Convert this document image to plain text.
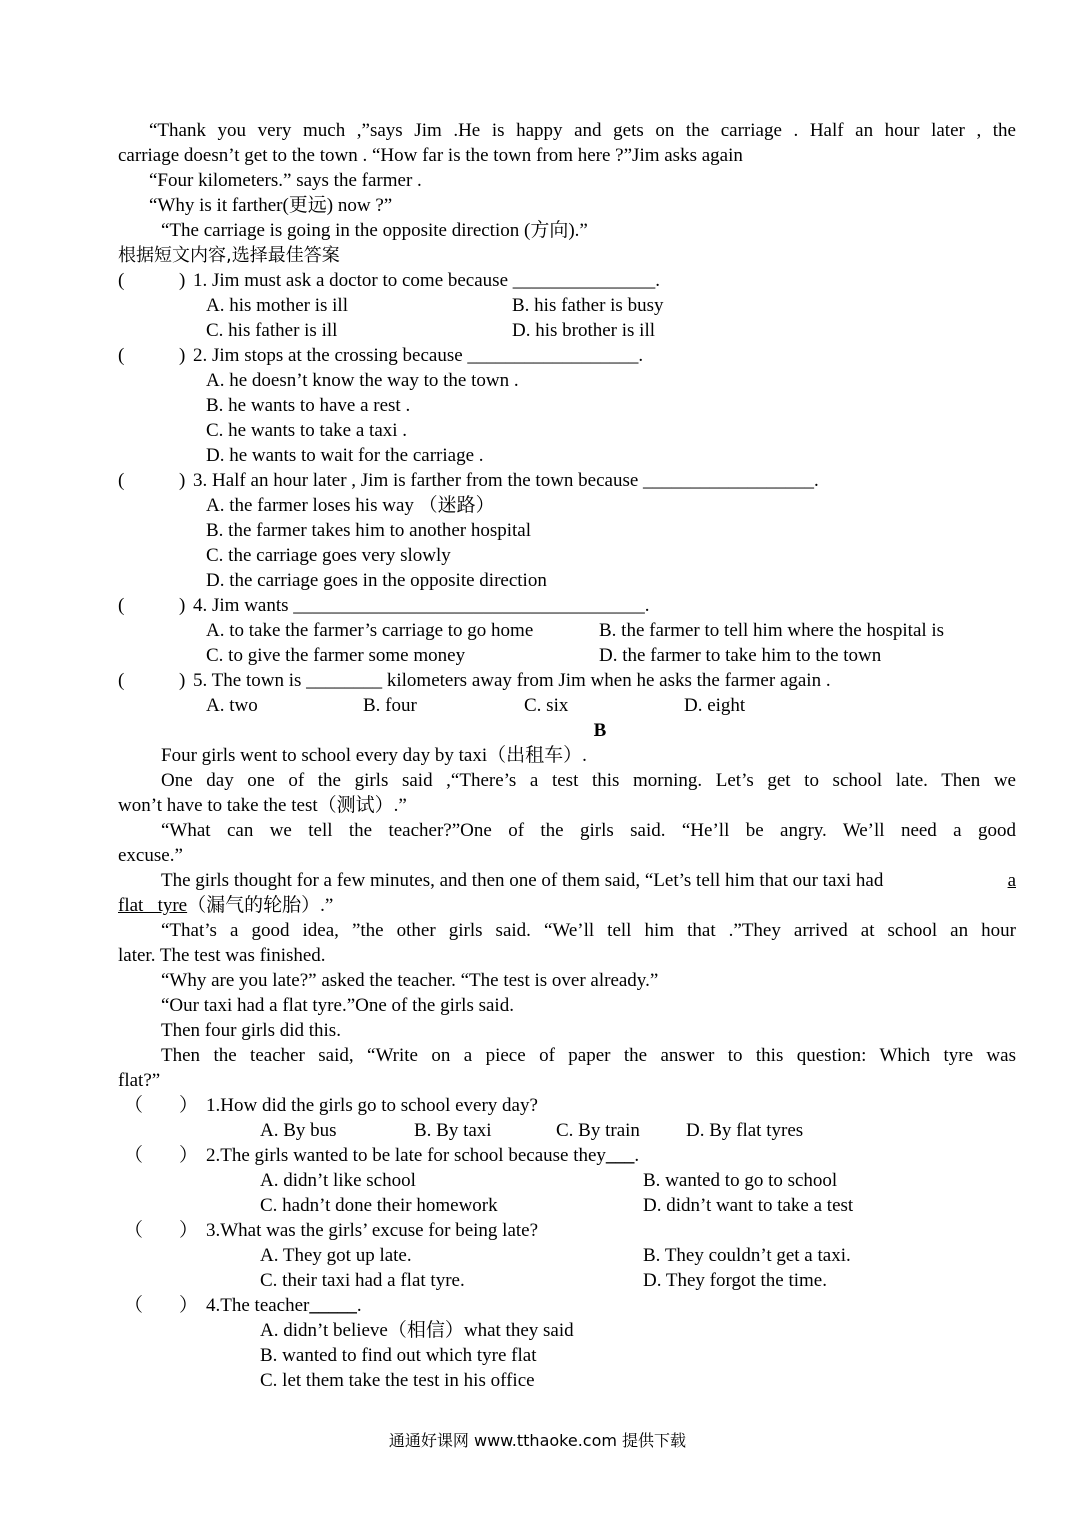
“Thank you very much ,”says Jim .He is happy and gets on the carriage . Half an hour later , the
carriage doesn’t get to the town . “How far is the town from here ?”Jim asks again
“Four kilometers.” says the farmer .
“Why is it farther(更远) now ?”
“The carriage is going in the opposite direction (方向).”
根据短文内容,选择最佳答案
(	) 1. Jim must ask a doctor to come because _______________.
A. his mother is ill	B. his father is busy
C. his father is ill	D. his brother is ill
(	) 2. Jim stops at the crossing because __________________.
A. he doesn’t know the way to the town .
B. he wants to have a rest .
C. he wants to take a taxi .
D. he wants to wait for the carriage .
(	) 3. Half an hour later , Jim is farther from the town because __________________.
A. the farmer loses his way （迷路）
B. the farmer takes him to another hospital
C. the carriage goes very slowly
D. the carriage goes in the opposite direction
(	) 4. Jim wants _____________________________________.
A. to take the farmer’s carriage to go home	B. the farmer to tell him where the hospital is
C. to give the farmer some money	D. the farmer to take him to the town
(	) 5. The town is ________ kilometers away from Jim when he asks the farmer again .
A. two	B. four	C. six	D. eight
B
Four girls went to school every day by taxi（出租车）.
One day one of the girls said ,“There’s a test this morning. Let’s get to school late. Then we
won’t have to take the test（测试）.”
“What can we tell the teacher?”One of the girls said. “He’ll be angry. We’ll need a good
excuse.”
The girls thought for a few minutes, and then one of them said, “Let’s tell him that our taxi had	a
flat   tyre（漏气的轮胎）.”
“That’s a good idea, ”the other girls said. “We’ll tell him that .”They arrived at school an hour
later. The test was finished.
“Why are you late?” asked the teacher. “The test is over already.”
“Our taxi had a flat tyre.”One of the girls said.
Then four girls did this.
Then the teacher said, “Write on a piece of paper the answer to this question: Which tyre was
flat?”
（ ） 1.How did the girls go to school every day?
A. By bus	B. By taxi	C. By train D. By flat tyres
（ ） 2.The girls wanted to be late for school because they___.
A. didn’t like school	B. wanted to go to school
C. hadn’t done their homework	D. didn’t want to take a test
（ ） 3.What was the girls’ excuse for being late?
A. They got up late.	B. They couldn’t get a taxi.
C. their taxi had a flat tyre.	D. They forgot the time.
（ ） 4.The teacher_____.
A. didn’t believe（相信）what they said
B. wanted to find out which tyre flat
C. let them take the test in his office
通通好课网 www.tthaoke.com 提供下载
